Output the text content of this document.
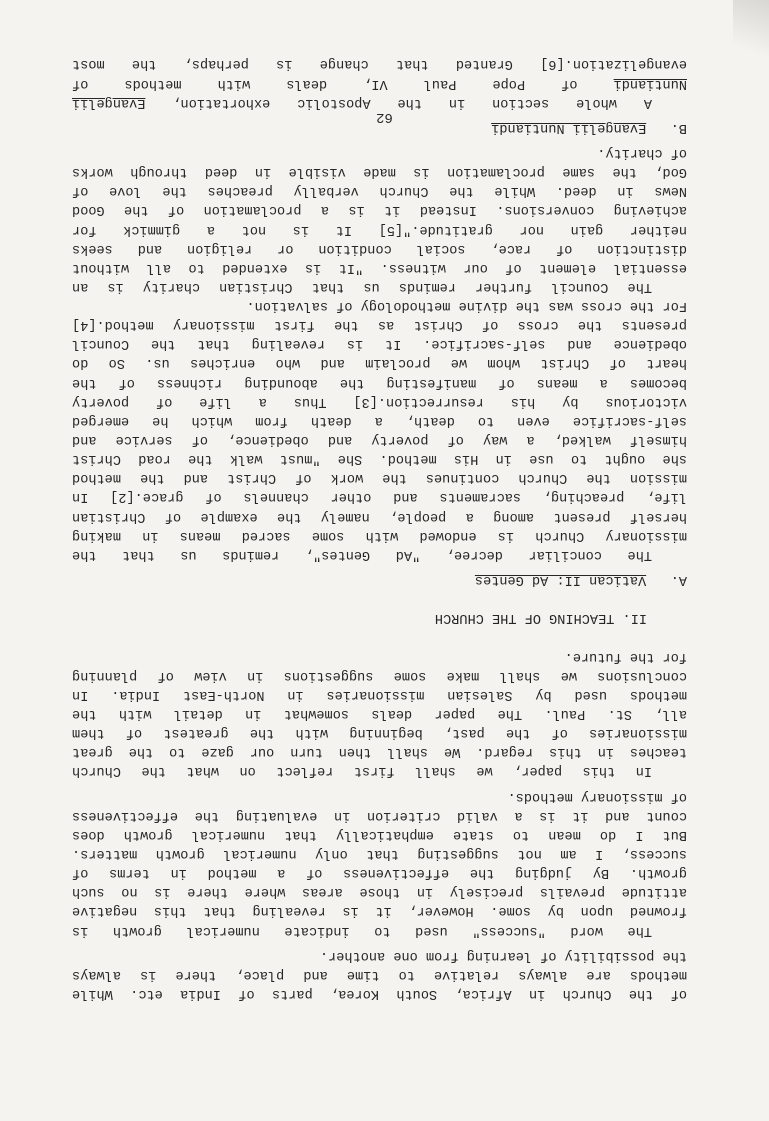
of the Church in Africa, South Korea, parts of India etc. While
methods are always relative to time and place, there is always
the possibility of learning from one another.
The word "success" used to indicate numerical growth is
frowned upon by some. However, it is revealing that this negative
attitude prevails precisely in those areas where there is no such
growth. By judging the effectiveness of a method in terms of
success, I am not suggesting that only numerical growth matters.
But I do mean to state emphatically that numerical growth does
count and it is a valid criterion in evaluating the effectiveness
of missionary methods.
In this paper, we shall first reflect on what the Church
teaches in this regard. We shall then turn our gaze to the great
missionaries of the past, beginning with the greatest of them
all, St. Paul. The paper deals somewhat in detail with the
methods used by Salesian missionaries in North-East India. In
conclusions we shall make some suggestions in view of planning
for the future.
II. TEACHING OF THE CHURCH
A.   Vatican II: Ad Gentes
The conciliar decree, "Ad Gentes", reminds us that the
missionary Church is endowed with some sacred means in making
herself present among a people, namely the example of Christian
life, preaching, sacraments and other channels of grace.[2] In
mission the Church continues the work of Christ and the method
she ought to use in His method. She "must walk the road Christ
himself walked, a way of poverty and obedience, of service and
self-sacrifice even to death, a death from which he emerged
victorious by his resurrection.[3] Thus a life of poverty
becomes a means of manifesting the abounding richness of the
heart of Christ whom we proclaim and who enriches us. So do
obedience and self-sacrifice. It is revealing that the Council
presents the cross of Christ as the first missionary method.[4]
For the cross was the divine methodology of salvation.
The Council further reminds us that Christian charity is an
essential element of our witness. "It is extended to all without
distinction of race, social condition or religion and seeks
neither gain nor gratitude."[5] It is not a gimmick for
achieving conversions. Instead it is a proclamation of the Good
News in deed. While the Church verbally preaches the love of
God, the same proclamation is made visible in deed through works
of charity.
B.   Evangelii Nuntiandi
A whole section in the Apostolic exhortation, Evangelii
Nuntiandi of Pope Paul VI, deals with methods of
evangelization.[6] Granted that change is perhaps, the most
62
